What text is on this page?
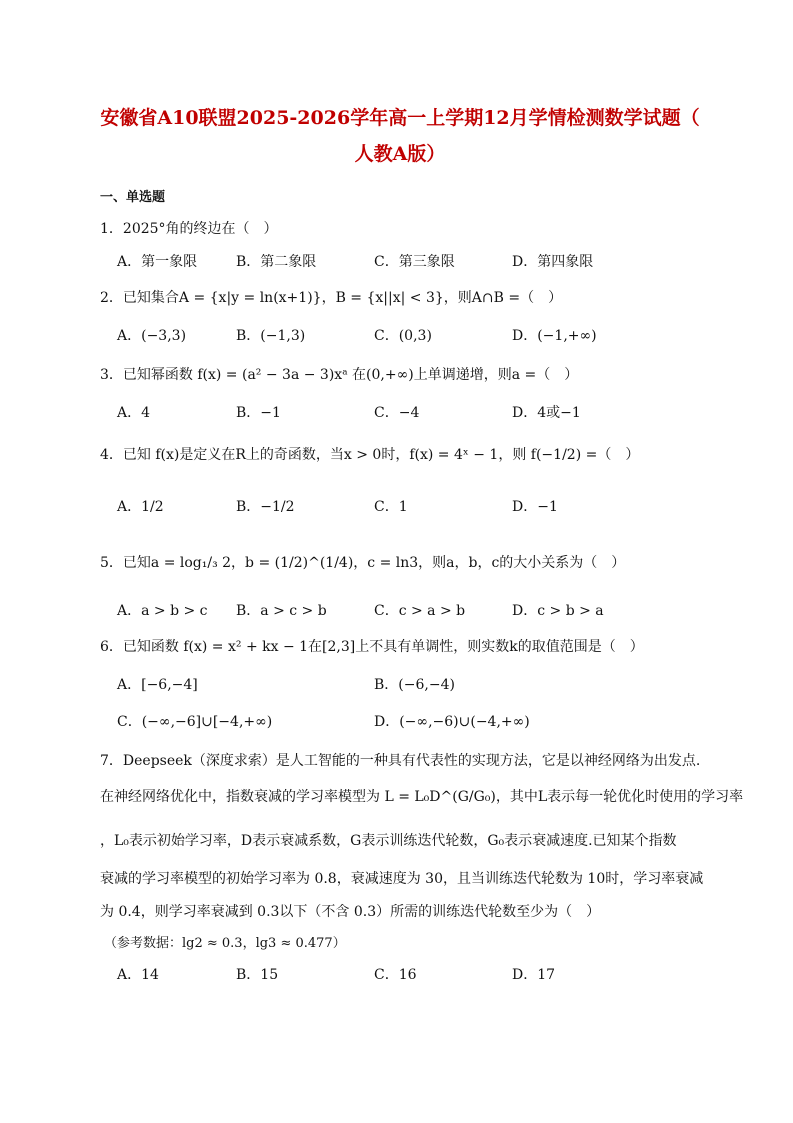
安徽省A10联盟2025-2026学年高一上学期12月学情检测数学试题（
人教A版）
一、单选题
1．2025°角的终边在（　）
A．第一象限	B．第二象限	C．第三象限	D．第四象限
2．已知集合A = {x|y = ln(x+1)}，B = {x||x| < 3}，则A∩B =（　）
A．(−3,3)	B．(−1,3)	C．(0,3)	D．(−1,+∞)
3．已知幂函数 f(x) = (a² − 3a − 3)xᵃ 在(0,+∞)上单调递增，则a =（　）
A．4	B．−1	C．−4	D．4或−1
4．已知 f(x)是定义在R上的奇函数，当x > 0时，f(x) = 4ˣ − 1，则 f(−1/2) =（　）
A．1/2	B．−1/2	C．1	D．−1
5．已知a = log₁/₃ 2，b = (1/2)^(1/4)，c = ln3，则a，b，c的大小关系为（　）
A．a > b > c B．a > c > b	C．c > a > b	D．c > b > a
6．已知函数 f(x) = x² + kx − 1在[2,3]上不具有单调性，则实数k的取值范围是（　）
A．[−6,−4]	B．(−6,−4)
C．(−∞,−6]∪[−4,+∞)	D．(−∞,−6)∪(−4,+∞)
7．Deepseek（深度求索）是人工智能的一种具有代表性的实现方法，它是以神经网络为出发点.
在神经网络优化中，指数衰减的学习率模型为 L = L₀D^(G/G₀)，其中L表示每一轮优化时使用的学习率
，L₀表示初始学习率，D表示衰减系数，G表示训练迭代轮数，G₀表示衰减速度.已知某个指数
衰减的学习率模型的初始学习率为 0.8，衰减速度为 30，且当训练迭代轮数为 10时，学习率衰减
为 0.4，则学习率衰减到 0.3以下（不含 0.3）所需的训练迭代轮数至少为（　）
（参考数据：lg2 ≈ 0.3，lg3 ≈ 0.477）
A．14	B．15	C．16	D．17
